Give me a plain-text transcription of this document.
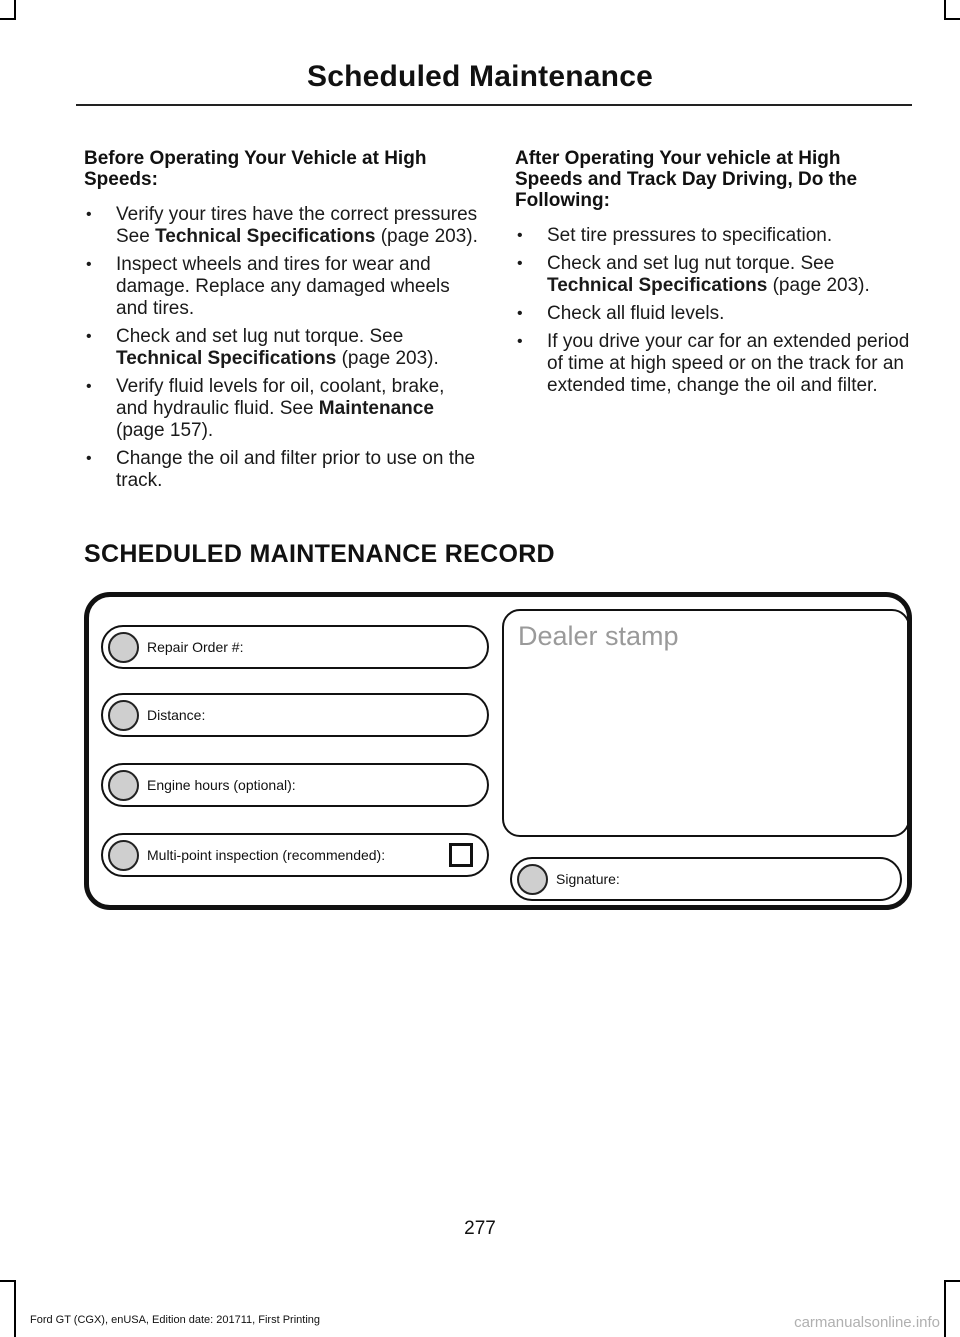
Scheduled Maintenance
Before Operating Your Vehicle at High Speeds:
• Verify your tires have the correct pressures See Technical Specifications (page 203).
• Inspect wheels and tires for wear and damage. Replace any damaged wheels and tires.
• Check and set lug nut torque. See Technical Specifications (page 203).
• Verify fluid levels for oil, coolant, brake, and hydraulic fluid. See Maintenance (page 157).
• Change the oil and filter prior to use on the track.
After Operating Your vehicle at High Speeds and Track Day Driving, Do the Following:
• Set tire pressures to specification.
• Check and set lug nut torque. See Technical Specifications (page 203).
• Check all fluid levels.
• If you drive your car for an extended period of time at high speed or on the track for an extended time, change the oil and filter.
SCHEDULED MAINTENANCE RECORD
Repair Order #:
Distance:
Engine hours (optional):
Multi-point inspection (recommended):
Dealer stamp
Signature:
277
Ford GT (CGX), enUSA, Edition date: 201711, First Printing	carmanualsonline.info
